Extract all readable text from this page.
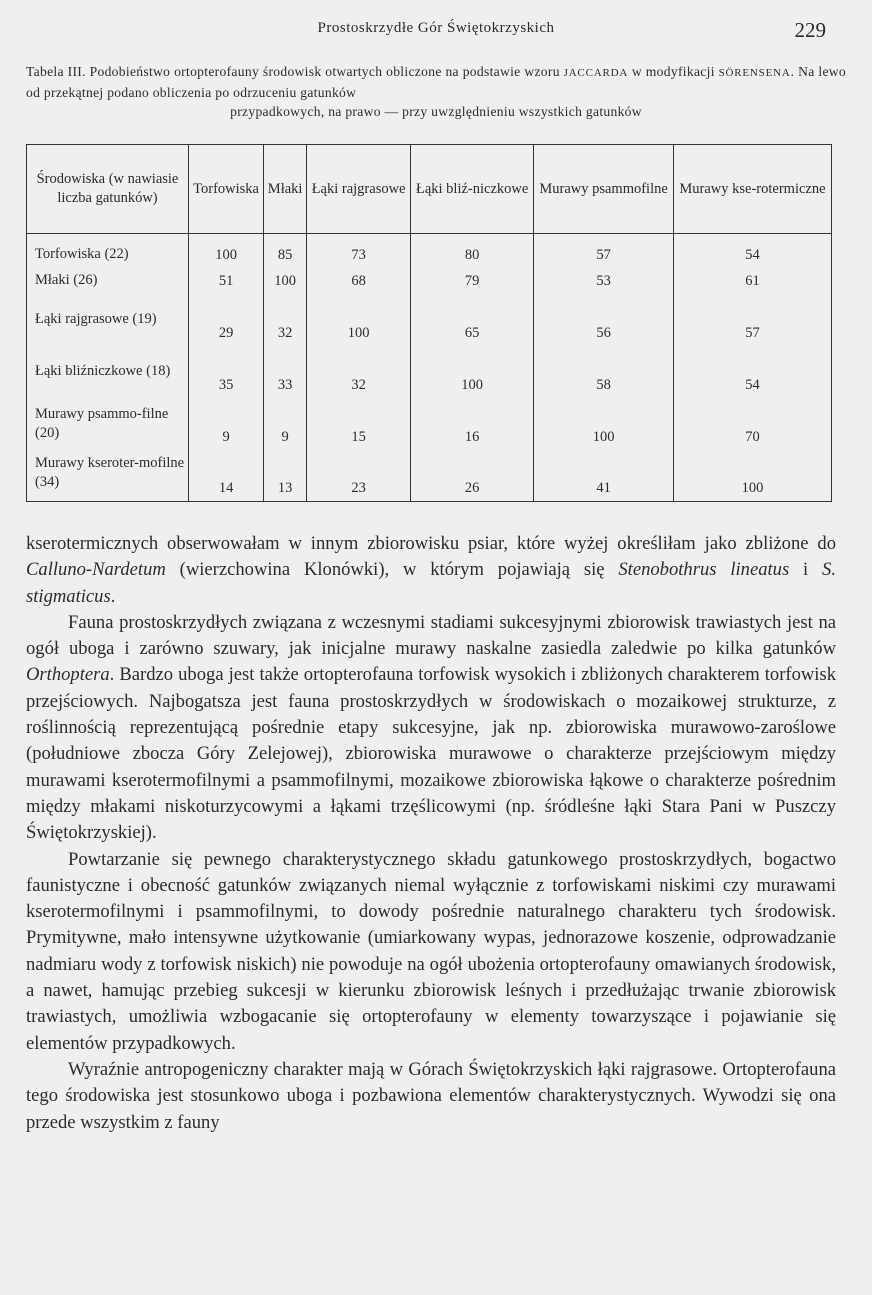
Prostoskrzydłe Gór Świętokrzyskich	229
Tabela III. Podobieństwo ortopterofauny środowisk otwartych obliczone na podstawie wzoru JACCARDA w modyfikacji SÖRENSENA. Na lewo od przekątnej podano obliczenia po odrzuceniu gatunków
przypadkowych, na prawo — przy uwzględnieniu wszystkich gatunków
Środowiska (w nawiasie liczba gatunków)	Torfowiska	Młaki	Łąki rajgrasowe	Łąki bliź-niczkowe	Murawy psammofilne	Murawy kse-rotermiczne
Torfowiska (22)	100	85	73	80	57	54
Młaki (26)	51	100	68	79	53	61
Łąki rajgrasowe (19)	29	32	100	65	56	57
Łąki bliźniczkowe (18)	35	33	32	100	58	54
Murawy psammo-filne (20)	9	9	15	16	100	70
Murawy kseroter-mofilne (34)	14	13	23	26	41	100

kserotermicznych obserwowałam w innym zbiorowisku psiar, które wyżej określiłam jako zbliżone do Calluno-Nardetum (wierzchowina Klonówki), w którym pojawiają się Stenobothrus lineatus i S. stigmaticus.

Fauna prostoskrzydłych związana z wczesnymi stadiami sukcesyjnymi zbiorowisk trawiastych jest na ogół uboga i zarówno szuwary, jak inicjalne murawy naskalne zasiedla zaledwie po kilka gatunków Orthoptera. Bardzo uboga jest także ortopterofauna torfowisk wysokich i zbliżonych charakterem torfowisk przejściowych. Najbogatsza jest fauna prostoskrzydłych w środowiskach o mozaikowej strukturze, z roślinnością reprezentującą pośrednie etapy sukcesyjne, jak np. zbiorowiska murawowo-zaroślowe (południowe zbocza Góry Zelejowej), zbiorowiska murawowe o charakterze przejściowym między murawami kserotermofilnymi a psammofilnymi, mozaikowe zbiorowiska łąkowe o charakterze pośrednim między młakami niskoturzycowymi a łąkami trzęślicowymi (np. śródleśne łąki Stara Pani w Puszczy Świętokrzyskiej).

Powtarzanie się pewnego charakterystycznego składu gatunkowego prostoskrzydłych, bogactwo faunistyczne i obecność gatunków związanych niemal wyłącznie z torfowiskami niskimi czy murawami kserotermofilnymi i psammofilnymi, to dowody pośrednie naturalnego charakteru tych środowisk. Prymitywne, mało intensywne użytkowanie (umiarkowany wypas, jednorazowe koszenie, odprowadzanie nadmiaru wody z torfowisk niskich) nie powoduje na ogół ubożenia ortopterofauny omawianych środowisk, a nawet, hamując przebieg sukcesji w kierunku zbiorowisk leśnych i przedłużając trwanie zbiorowisk trawiastych, umożliwia wzbogacanie się ortopterofauny w elementy towarzyszące i pojawianie się elementów przypadkowych.

Wyraźnie antropogeniczny charakter mają w Górach Świętokrzyskich łąki rajgrasowe. Ortopterofauna tego środowiska jest stosunkowo uboga i pozbawiona elementów charakterystycznych. Wywodzi się ona przede wszystkim z fauny
